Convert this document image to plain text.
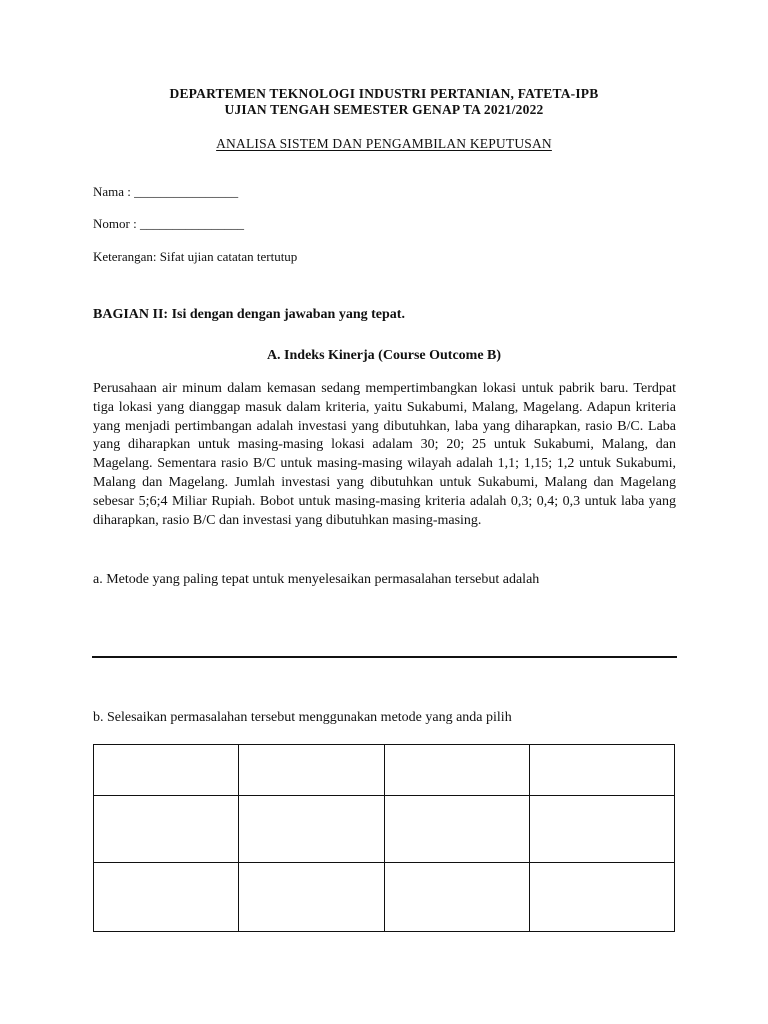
DEPARTEMEN TEKNOLOGI INDUSTRI PERTANIAN, FATETA-IPB
UJIAN TENGAH SEMESTER GENAP TA 2021/2022
ANALISA SISTEM DAN PENGAMBILAN KEPUTUSAN
Nama : ________________
Nomor : ________________
Keterangan: Sifat ujian catatan tertutup
BAGIAN II: Isi dengan dengan jawaban yang tepat.
A. Indeks Kinerja (Course Outcome B)

Perusahaan air minum dalam kemasan sedang mempertimbangkan lokasi untuk pabrik baru. Terdpat tiga lokasi yang dianggap masuk dalam kriteria, yaitu Sukabumi, Malang, Magelang. Adapun kriteria yang menjadi pertimbangan adalah investasi yang dibutuhkan, laba yang diharapkan, rasio B/C. Laba yang diharapkan untuk masing-masing lokasi adalam 30; 20; 25 untuk Sukabumi, Malang, dan Magelang. Sementara rasio B/C untuk masing-masing wilayah adalah 1,1; 1,15; 1,2 untuk Sukabumi, Malang dan Magelang. Jumlah investasi yang dibutuhkan untuk Sukabumi, Malang dan Magelang sebesar 5;6;4 Miliar Rupiah. Bobot untuk masing-masing kriteria adalah 0,3; 0,4; 0,3 untuk laba yang diharapkan, rasio B/C dan investasi yang dibutuhkan masing-masing.

a. Metode yang paling tepat untuk menyelesaikan permasalahan tersebut adalah
b. Selesaikan permasalahan tersebut menggunakan metode yang anda pilih
